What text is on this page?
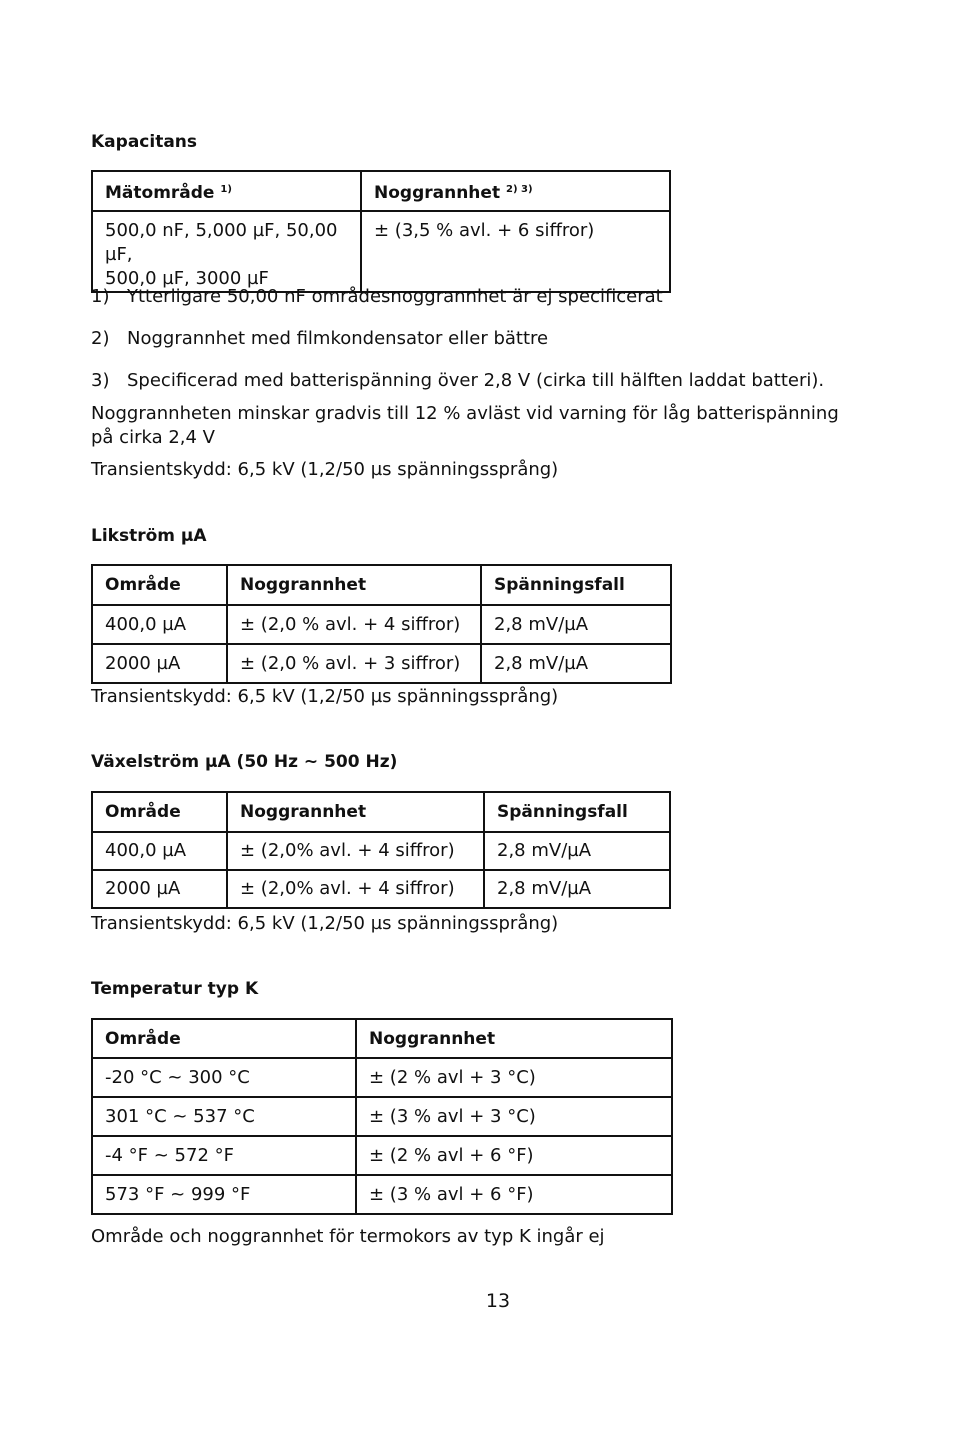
Kapacitans
Mätområde $^{1)}$	Noggrannhet $^{2) 3)}$

500,0 nF, 5,000 µF, 50,00 µF,
500,0 µF, 3000 µF	± (3,5 % avl. + 6 siffror)
1) Ytterligare 50,00 nF områdesnoggrannhet är ej specificerat
2) Noggrannhet med filmkondensator eller bättre
3) Specificerad med batterispänning över 2,8 V (cirka till hälften laddat batteri).
Noggrannheten minskar gradvis till 12 % avläst vid varning för låg batterispänning
på cirka 2,4 V
Transientskydd: 6,5 kV (1,2/50 µs spänningssprång)
Likström µA
Område	Noggrannhet	Spänningsfall
400,0 µA	± (2,0 % avl. + 4 siffror)	2,8 mV/µA
2000 µA	± (2,0 % avl. + 3 siffror)	2,8 mV/µA
Transientskydd: 6,5 kV (1,2/50 µs spänningssprång)
Växelström µA (50 Hz ~ 500 Hz)
Område	Noggrannhet	Spänningsfall
400,0 µA	± (2,0% avl. + 4 siffror)	2,8 mV/µA
2000 µA	± (2,0% avl. + 4 siffror)	2,8 mV/µA
Transientskydd: 6,5 kV (1,2/50 µs spänningssprång)
Temperatur typ K
Område	Noggrannhet
-20 °C ~ 300 °C	± (2 % avl + 3 °C)
301 °C ~ 537 °C	± (3 % avl + 3 °C)
-4 °F ~ 572 °F	± (2 % avl + 6 °F)
573 °F ~ 999 °F	± (3 % avl + 6 °F)
Område och noggrannhet för termokors av typ K ingår ej
13
